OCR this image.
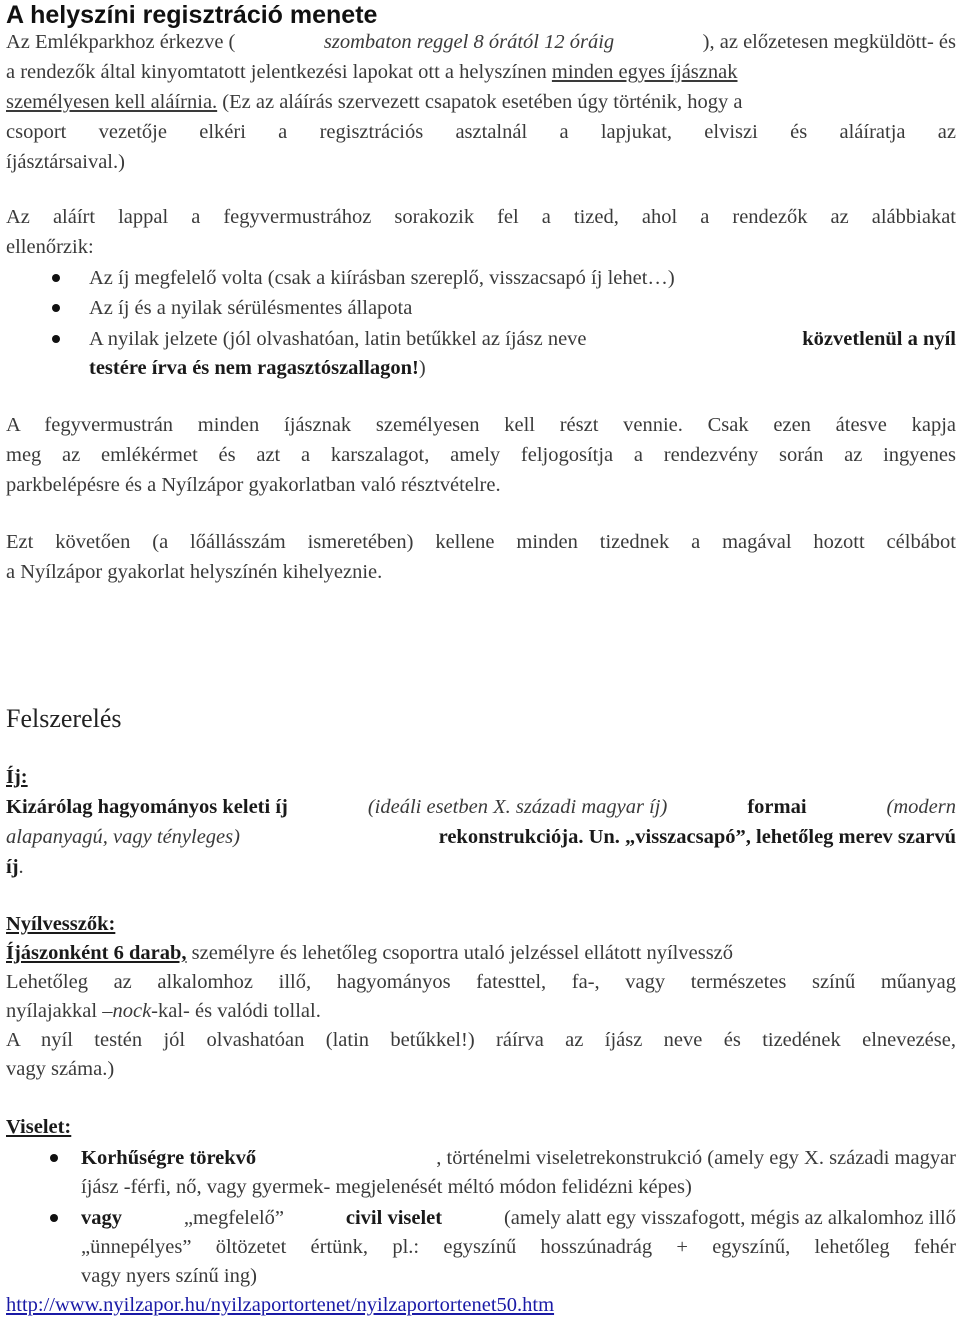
A helyszíni regisztráció menete
Az Emlékparkhoz érkezve (	szombaton reggel 8 órától 12 óráig	), az előzetesen megküldött- és
a rendezők által kinyomtatott jelentkezési lapokat ott a helyszínen minden egyes íjásznak
személyesen kell aláírnia. (Ez az aláírás szervezett csapatok esetében úgy történik, hogy a
csoport vezetője elkéri a regisztrációs asztalnál a lapjukat, elviszi és aláíratja az
íjásztársaival.)
Az aláírt lappal a fegyvermustrához sorakozik fel a tized, ahol a rendezők az alábbiakat
ellenőrzik:
Az íj megfelelő volta (csak a kiírásban szereplő, visszacsapó íj lehet…)
Az íj és a nyilak sérülésmentes állapota
A nyilak jelzete (jól olvashatóan, latin betűkkel az íjász neve	közvetlenül a nyíl
testére írva és nem ragasztószallagon!)
A fegyvermustrán minden íjásznak személyesen kell részt vennie. Csak ezen átesve kapja
meg az emlékérmet és azt a karszalagot, amely feljogosítja a rendezvény során az ingyenes
parkbelépésre és a Nyílzápor gyakorlatban való résztvételre.
Ezt követően (a lőállásszám ismeretében) kellene minden tizednek a magával hozott célbábot
a Nyílzápor gyakorlat helyszínén kihelyeznie.
Felszerelés
Íj:
Kizárólag hagyományos keleti íj	(ideáli esetben X. századi magyar íj)	formai	(modern
alapanyagú, vagy tényleges)	rekonstrukciója. Un. „visszacsapó”, lehetőleg merev szarvú
íj.
Nyílvesszők:
Íjászonként 6 darab, személyre és lehetőleg csoportra utaló jelzéssel ellátott nyílvessző
Lehetőleg az alkalomhoz illő, hagyományos fatesttel, fa-, vagy természetes színű műanyag
nyílajakkal –nock-kal- és valódi tollal.
A nyíl testén jól olvashatóan (latin betűkkel!) ráírva az íjász neve és tizedének elnevezése,
vagy száma.)
Viselet:
Korhűségre törekvő	, történelmi viseletrekonstrukció (amely egy X. századi magyar
íjász -férfi, nő, vagy gyermek- megjelenését méltó módon felidézni képes)
vagy	„megfelelő”	civil viselet	(amely alatt egy visszafogott, mégis az alkalomhoz illő
„ünnepélyes” öltözetet értünk, pl.: egyszínű hosszúnadrág + egyszínű, lehetőleg fehér
vagy nyers színű ing)
http://www.nyilzapor.hu/nyilzaportortenet/nyilzaportortenet50.htm
